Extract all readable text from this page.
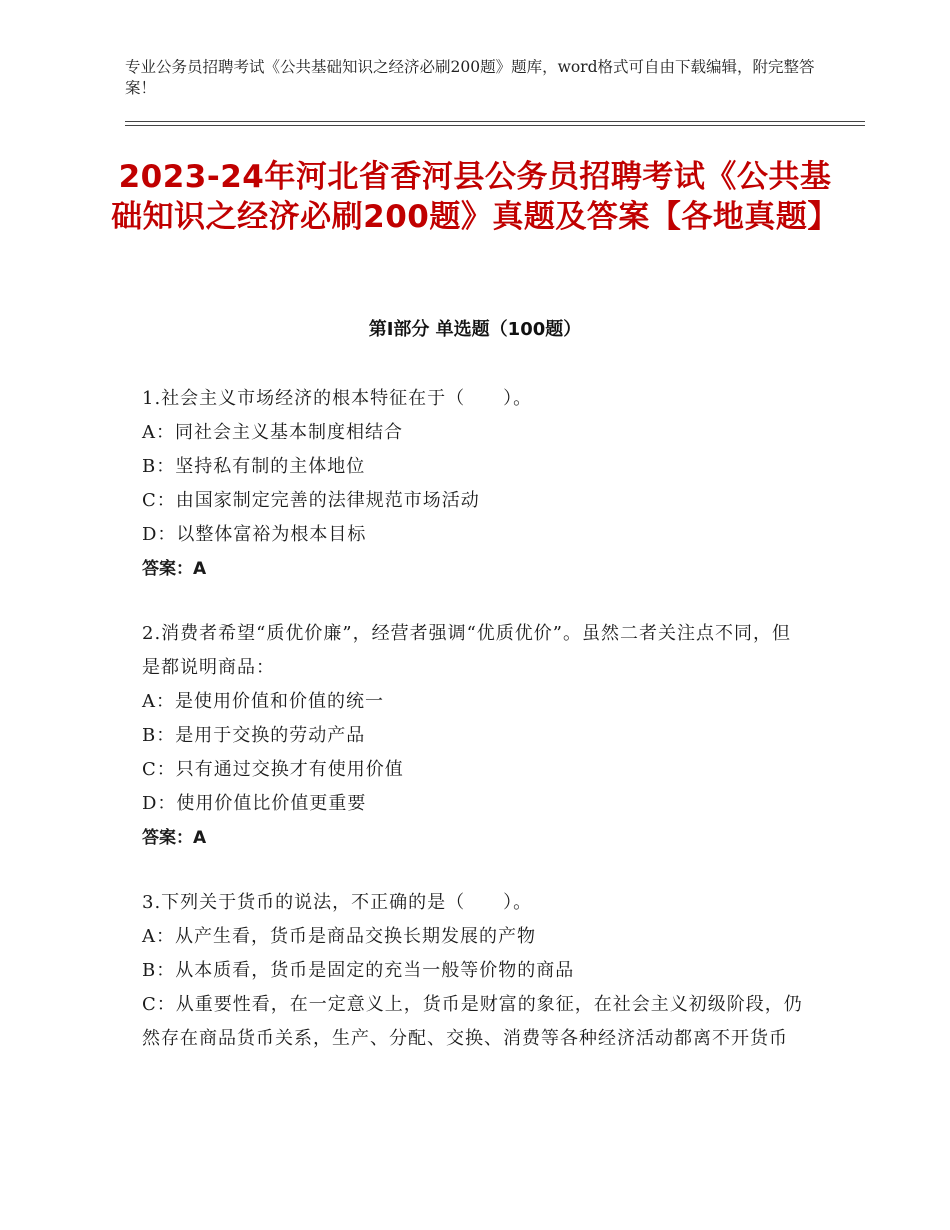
专业公务员招聘考试《公共基础知识之经济必刷200题》题库，word格式可自由下载编辑，附完整答案！
2023-24年河北省香河县公务员招聘考试《公共基础知识之经济必刷200题》真题及答案【各地真题】
第Ⅰ部分 单选题（100题）
1.社会主义市场经济的根本特征在于（　　）。
A：同社会主义基本制度相结合
B：坚持私有制的主体地位
C：由国家制定完善的法律规范市场活动
D：以整体富裕为根本目标
答案：A
2.消费者希望“质优价廉”，经营者强调“优质优价”。虽然二者关注点不同，但是都说明商品：
A：是使用价值和价值的统一
B：是用于交换的劳动产品
C：只有通过交换才有使用价值
D：使用价值比价值更重要
答案：A
3.下列关于货币的说法，不正确的是（　　）。
A：从产生看，货币是商品交换长期发展的产物
B：从本质看，货币是固定的充当一般等价物的商品
C：从重要性看，在一定意义上，货币是财富的象征，在社会主义初级阶段，仍然存在商品货币关系，生产、分配、交换、消费等各种经济活动都离不开货币
